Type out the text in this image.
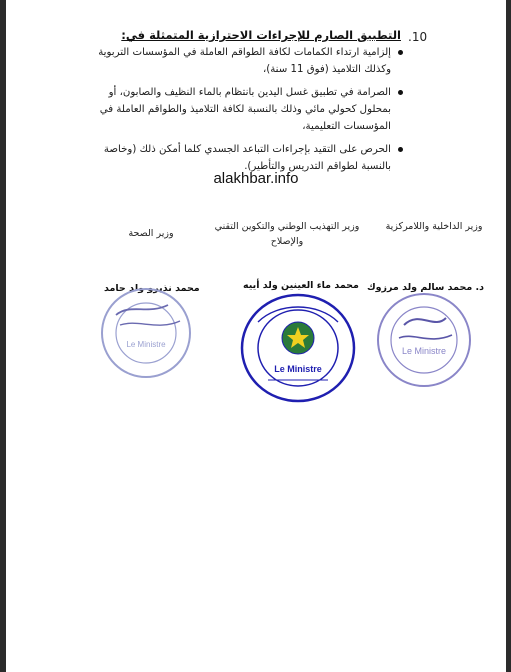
.10
التطبيق الصارم للإجراءات الاحترازية المتمثلة في:
إلزامية ارتداء الكمامات لكافة الطواقم العاملة في المؤسسات التربوية وكذلك التلاميذ (فوق 11 سنة)،
الصرامة في تطبيق غسل اليدين بانتظام بالماء النظيف والصابون، أو بمحلول كحولي مائي وذلك بالنسبة لكافة التلاميذ والطواقم العاملة في المؤسسات التعليمية،
الحرص على التقيد بإجراءات التباعد الجسدي كلما أمكن ذلك (وخاصة بالنسبة لطواقم التدريس والتأطير).
alakhbar.info
وزير الداخلية واللامركزية
د. محمد سالم ولد مرزوك
Le Ministre
وزير التهذيب الوطني والتكوين التقني والإصلاح
محمد ماء العينين ولد أييه
Le Ministre
وزير الصحة
محمد نذيرو ولد حامد
Le Ministre
